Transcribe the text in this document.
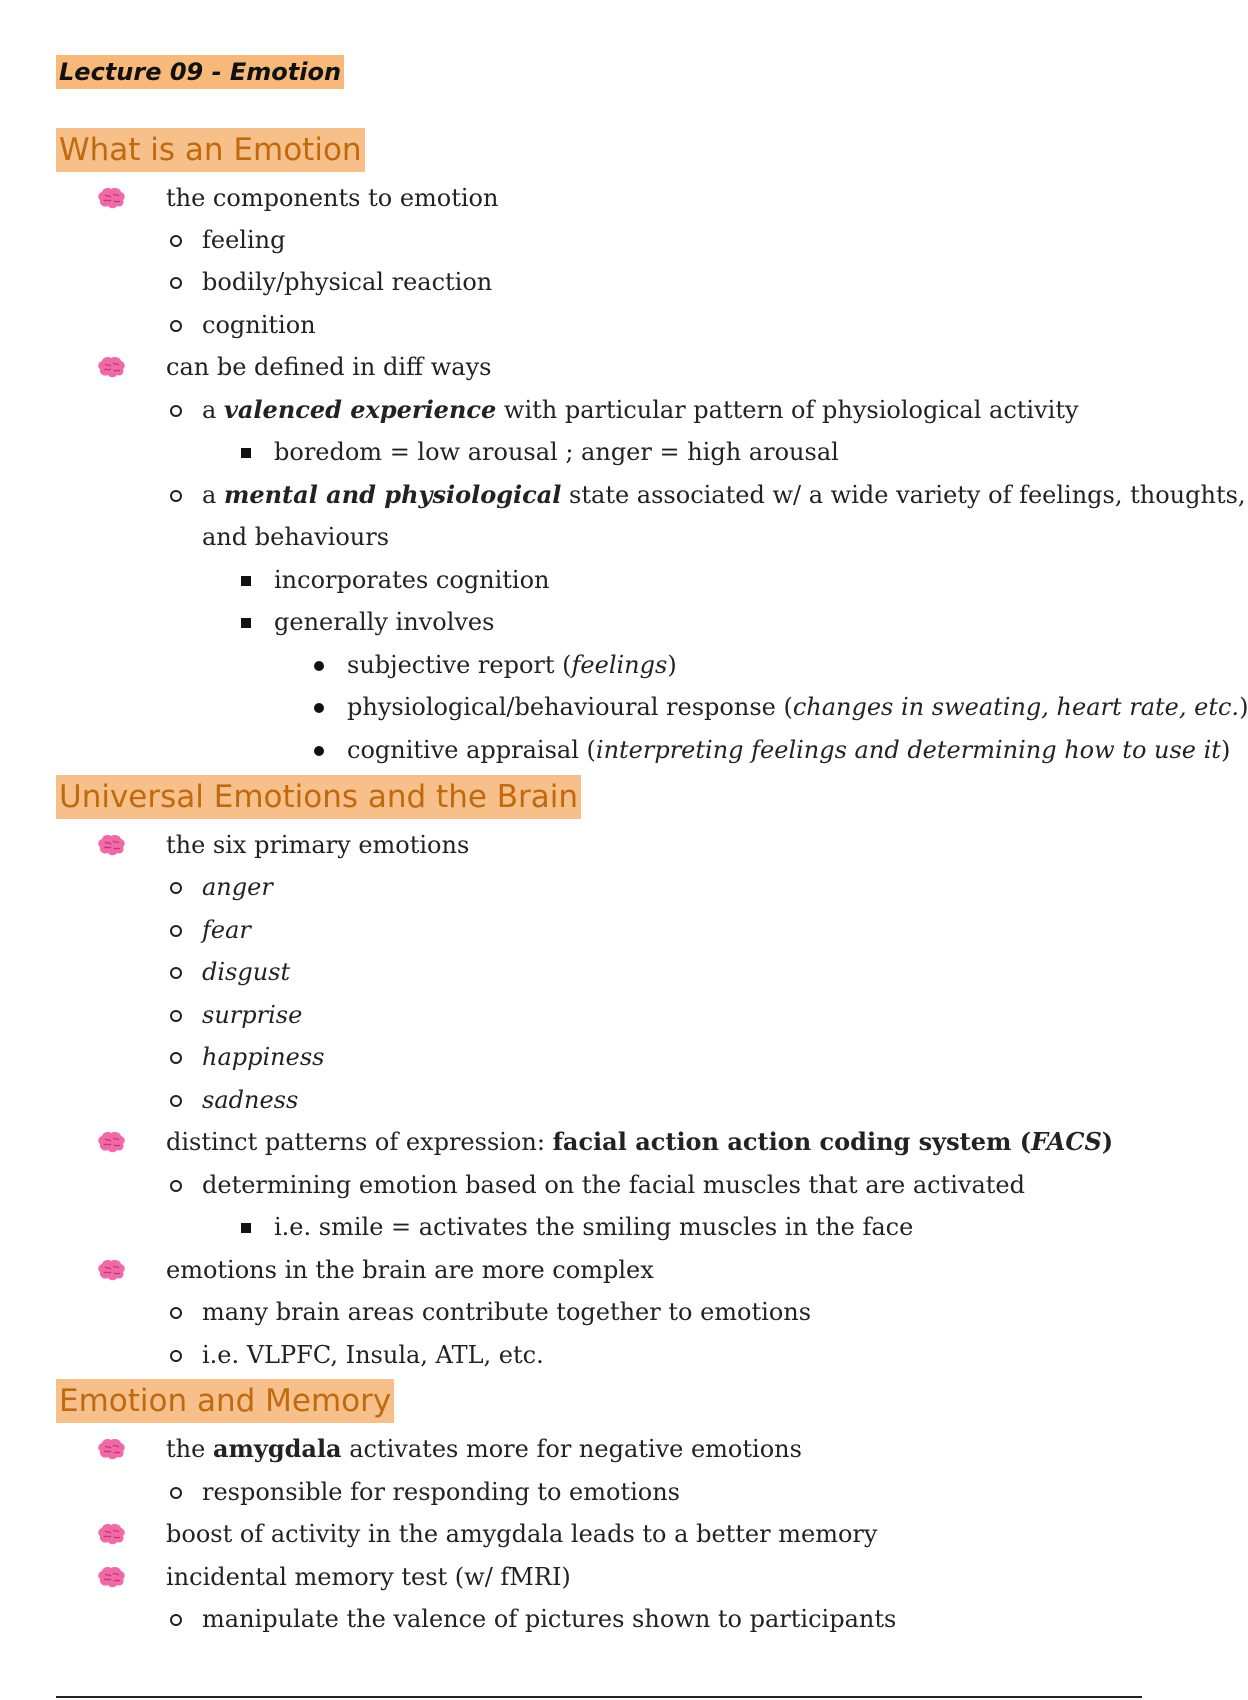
Lecture 09 - Emotion
What is an Emotion
the components to emotion
feeling
bodily/physical reaction
cognition
can be defined in diff ways
a valenced experience with particular pattern of physiological activity
boredom = low arousal ; anger = high arousal
a mental and physiological state associated w/ a wide variety of feelings, thoughts,
and behaviours
incorporates cognition
generally involves
subjective report (feelings)
physiological/behavioural response (changes in sweating, heart rate, etc.)
cognitive appraisal (interpreting feelings and determining how to use it)
Universal Emotions and the Brain
the six primary emotions
anger
fear
disgust
surprise
happiness
sadness
distinct patterns of expression: facial action action coding system (FACS)
determining emotion based on the facial muscles that are activated
i.e. smile = activates the smiling muscles in the face
emotions in the brain are more complex
many brain areas contribute together to emotions
i.e. VLPFC, Insula, ATL, etc.
Emotion and Memory
the amygdala activates more for negative emotions
responsible for responding to emotions
boost of activity in the amygdala leads to a better memory
incidental memory test (w/ fMRI)
manipulate the valence of pictures shown to participants
